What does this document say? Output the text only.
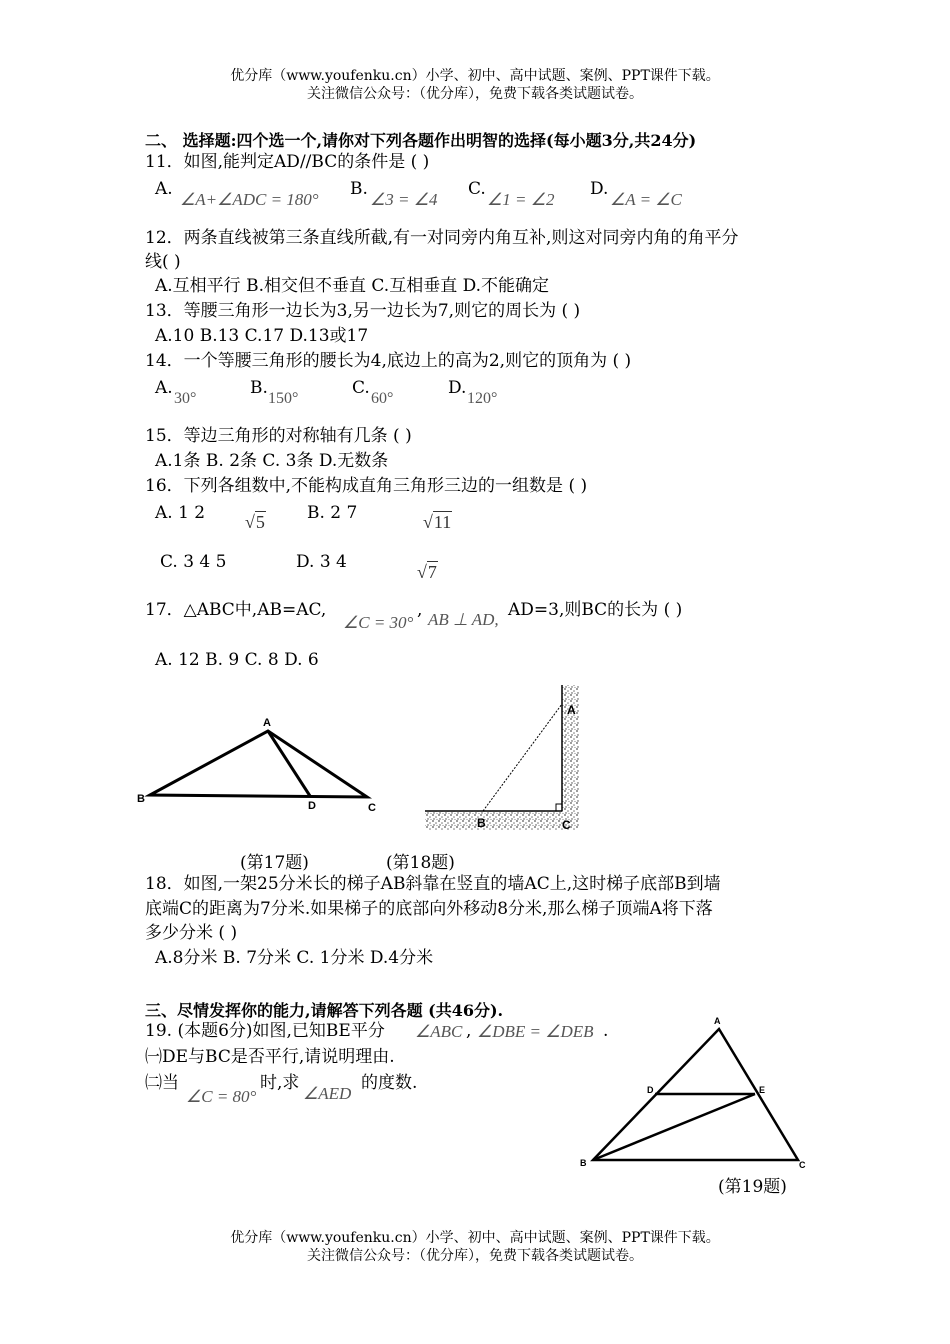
优分库（www.youfenku.cn）小学、初中、高中试题、案例、PPT课件下载。
关注微信公众号：（优分库），免费下载各类试题试卷。
二、 选择题:四个选一个,请你对下列各题作出明智的选择(每小题3分,共24分)
11．如图,能判定AD//BC的条件是 ( )
A.
∠A+∠ADC = 180°
B.
∠3 = ∠4
C.
∠1 = ∠2
D.
∠A = ∠C
12．两条直线被第三条直线所截,有一对同旁内角互补,则这对同旁内角的角平分
线( )
A.互相平行 B.相交但不垂直 C.互相垂直 D.不能确定
13．等腰三角形一边长为3,另一边长为7,则它的周长为 ( )
A.10 B.13 C.17 D.13或17
14．一个等腰三角形的腰长为4,底边上的高为2,则它的顶角为 ( )
A.
30°
B.
150°
C.
60°
D.
120°
15．等边三角形的对称轴有几条 ( )
A.1条 B. 2条 C. 3条 D.无数条
16．下列各组数中,不能构成直角三角形三边的一组数是 ( )
A. 1 2 √5 B. 2 7	√11
C. 3 4 5	D. 3 4	√7
17．△ABC中,AB=AC,
∠C = 30°
, AB ⊥ AD, AD=3,则BC的长为 ( )
A. 12 B. 9 C. 8 D. 6
A
B
D	C
A
B	C
(第17题)	(第18题)
18．如图,一架25分米长的梯子AB斜靠在竖直的墙AC上,这时梯子底部B到墙
底端C的距离为7分米.如果梯子的底部向外移动8分米,那么梯子顶端A将下落
多少分米 ( )
A.8分米 B. 7分米 C. 1分米 D.4分米
三、尽情发挥你的能力,请解答下列各题 (共46分).
19. (本题6分)如图,已知BE平分 ∠ABC , ∠DBE = ∠DEB .
㈠DE与BC是否平行,请说明理由.
㈡当
∠C = 80°
时,求
∠AED
的度数.
A
D	E
B	C
(第19题)
优分库（www.youfenku.cn）小学、初中、高中试题、案例、PPT课件下载。
关注微信公众号：（优分库），免费下载各类试题试卷。
